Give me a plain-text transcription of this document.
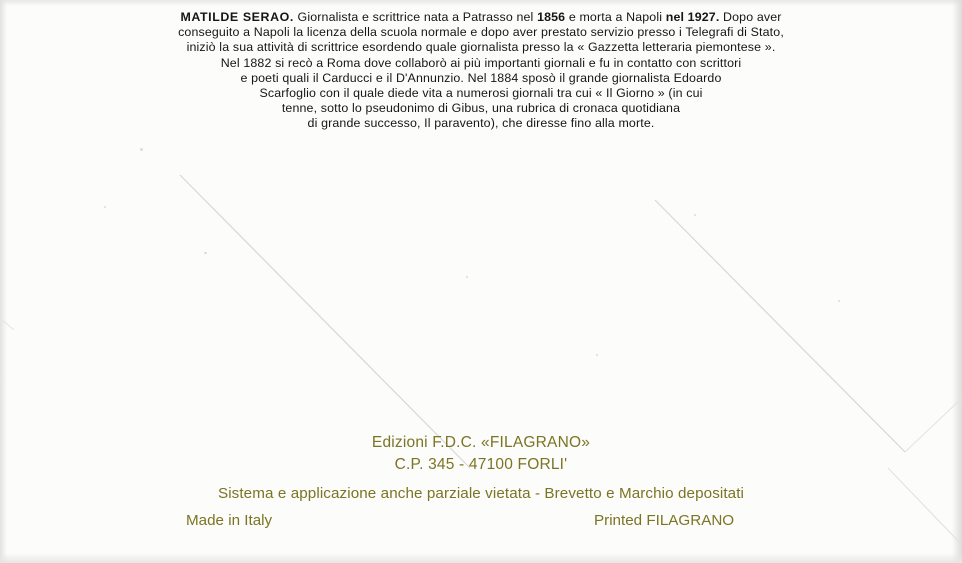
MATILDE SERAO. Giornalista e scrittrice nata a Patrasso nel 1856 e morta a Napoli nel 1927. Dopo aver
conseguito a Napoli la licenza della scuola normale e dopo aver prestato servizio presso i Telegrafi di Stato,
iniziò la sua attività di scrittrice esordendo quale giornalista presso la « Gazzetta letteraria piemontese ».
Nel 1882 si recò a Roma dove collaborò ai più importanti giornali e fu in contatto con scrittori
e poeti quali il Carducci e il D'Annunzio. Nel 1884 sposò il grande giornalista Edoardo
Scarfoglio con il quale diede vita a numerosi giornali tra cui « Il Giorno » (in cui
tenne, sotto lo pseudonimo di Gibus, una rubrica di cronaca quotidiana
di grande successo, Il paravento), che diresse fino alla morte.
Edizioni F.D.C. «FILAGRANO»
C.P. 345 - 47100 FORLI'
Sistema e applicazione anche parziale vietata - Brevetto e Marchio depositati
Made in Italy	Printed FILAGRANO
